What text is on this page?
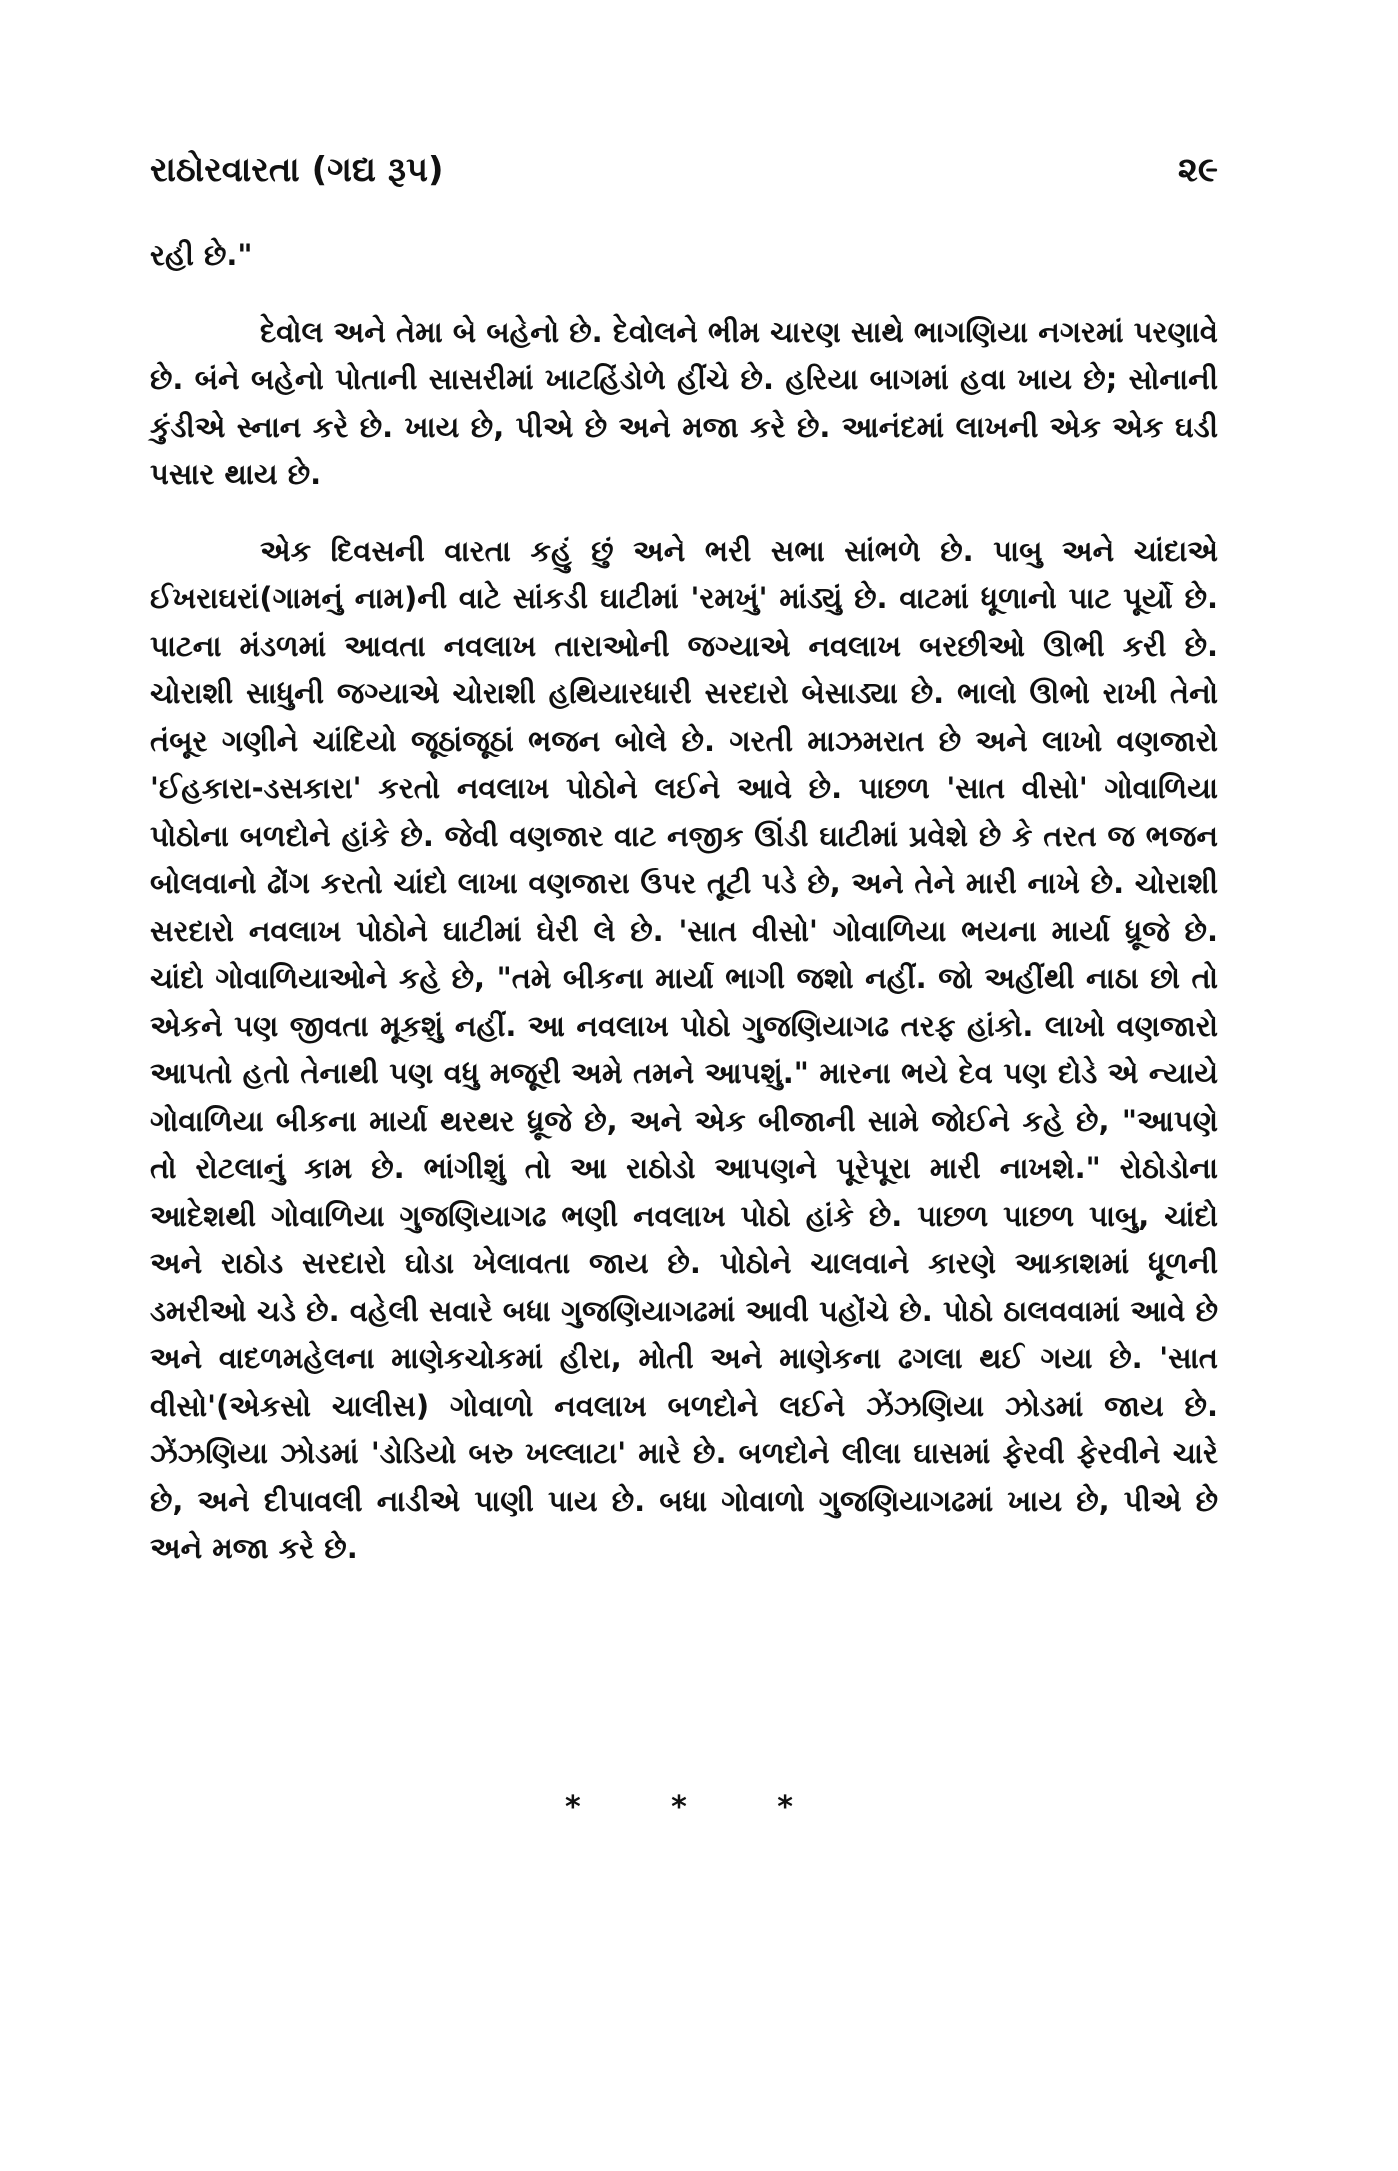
રાઠોરવારતા (ગદ્ય રૂપ)	૨૯

રહી છે."

દેવોલ અને તેમા બે બહેનો છે. દેવોલને ભીમ ચારણ સાથે ભાગણિયા નગરમાં પરણાવે છે. બંને બહેનો પોતાની સાસરીમાં ખાટહિંડોળે હીંચે છે. હરિયા બાગમાં હવા ખાય છે; સોનાની કુંડીએ સ્નાન કરે છે. ખાય છે, પીએ છે અને મજા કરે છે. આનંદમાં લાખની એક એક ઘડી પસાર થાય છે.

એક દિવસની વારતા કહું છું અને ભરી સભા સાંભળે છે. પાબુ અને ચાંદાએ ઈખરાઘરાં(ગામનું નામ)ની વાટે સાંકડી ઘાટીમાં 'રમખું' માંડ્યું છે. વાટમાં ધૂળાનો પાટ પૂર્યો છે. પાટના મંડળમાં આવતા નવલાખ તારાઓની જગ્યાએ નવલાખ બરછીઓ ઊભી કરી છે. ચોરાશી સાધુની જગ્યાએ ચોરાશી હથિયારધારી સરદારો બેસાડ્યા છે. ભાલો ઊભો રાખી તેનો તંબૂર ગણીને ચાંદિયો જૂઠાંજૂઠાં ભજન બોલે છે. ગરતી માઝમરાત છે અને લાખો વણજારો 'ઈહકારા-ડસકારા' કરતો નવલાખ પોઠોને લઈને આવે છે. પાછળ 'સાત વીસો' ગોવાળિયા પોઠોના બળદોને હાંકે છે. જેવી વણજાર વાટ નજીક ઊંડી ઘાટીમાં પ્રવેશે છે કે તરત જ ભજન બોલવાનો ઢોંગ કરતો ચાંદો લાખા વણજારા ઉપર તૂટી પડે છે, અને તેને મારી નાખે છે. ચોરાશી સરદારો નવલાખ પોઠોને ઘાટીમાં ઘેરી લે છે. 'સાત વીસો' ગોવાળિયા ભયના માર્યા ધ્રૂજે છે. ચાંદો ગોવાળિયાઓને કહે છે, "તમે બીકના માર્યા ભાગી જશો નહીં. જો અહીંથી નાઠા છો તો એકને પણ જીવતા મૂકશું નહીં. આ નવલાખ પોઠો ગુજણિયાગઢ તરફ હાંકો. લાખો વણજારો આપતો હતો તેનાથી પણ વધુ મજૂરી અમે તમને આપશું." મારના ભયે દેવ પણ દોડે એ ન્યાયે ગોવાળિયા બીકના માર્યા થરથર ધ્રૂજે છે, અને એક બીજાની સામે જોઈને કહે છે, "આપણે તો રોટલાનું કામ છે. ભાંગીશું તો આ રાઠોડો આપણને પૂરેપૂરા મારી નાખશે." રોઠોડોના આદેશથી ગોવાળિયા ગુજણિયાગઢ ભણી નવલાખ પોઠો હાંકે છે. પાછળ પાછળ પાબુ, ચાંદો અને રાઠોડ સરદારો ઘોડા ખેલાવતા જાય છે. પોઠોને ચાલવાને કારણે આકાશમાં ધૂળની ડમરીઓ ચડે છે. વહેલી સવારે બધા ગુજણિયાગઢમાં આવી પહોંચે છે. પોઠો ઠાલવવામાં આવે છે અને વાદળમહેલના માણેકચોકમાં હીરા, મોતી અને માણેકના ઢગલા થઈ ગયા છે. 'સાત વીસો'(એકસો ચાલીસ) ગોવાળો નવલાખ બળદોને લઈને ઝેંઝણિયા ઝોડમાં જાય છે. ઝેંઝણિયા ઝોડમાં 'ડોડિયો બરુ ખલ્લાટા' મારે છે. બળદોને લીલા ઘાસમાં ફેરવી ફેરવીને ચારે છે, અને દીપાવલી નાડીએ પાણી પાય છે. બધા ગોવાળો ગુજણિયાગઢમાં ખાય છે, પીએ છે અને મજા કરે છે.

* * *
